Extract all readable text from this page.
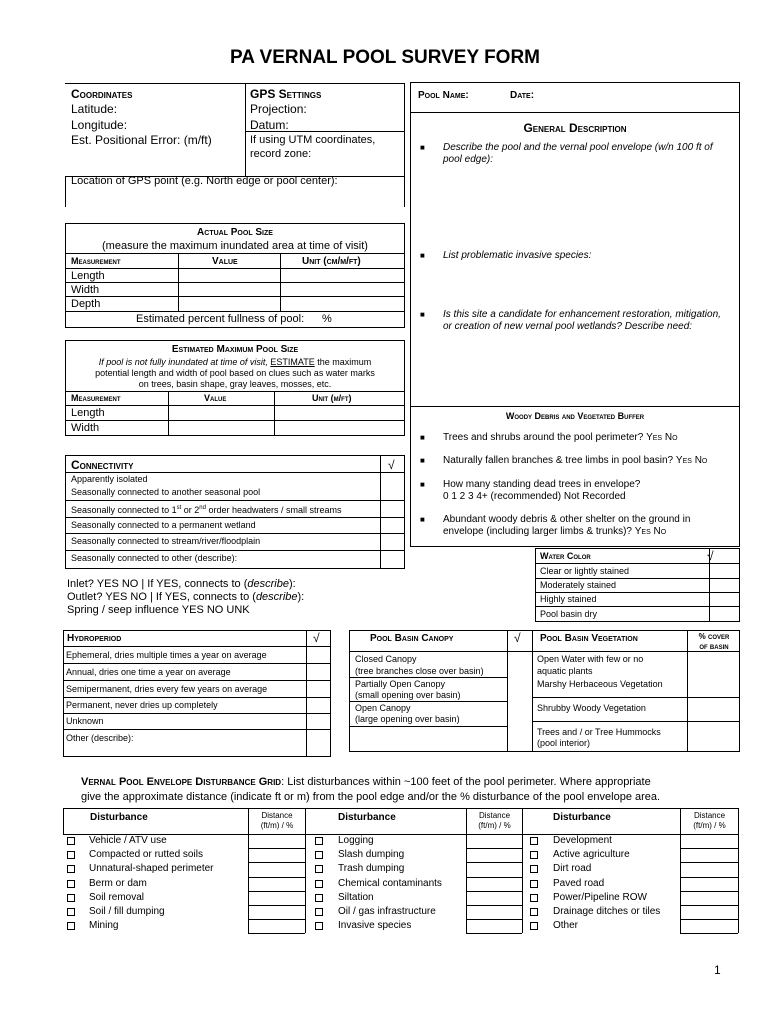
PA VERNAL POOL SURVEY FORM
Coordinates
Latitude:
Longitude:
Est. Positional Error: (m/ft)
GPS Settings
Projection:
Datum:
If using UTM coordinates,
record zone:
Location of GPS point (e.g. North edge or pool center):
Pool Name:	Date:
General Description
■ Describe the pool and the vernal pool envelope (w/n 100 ft of
pool edge):
■ List problematic invasive species:
■ Is this site a candidate for enhancement restoration, mitigation,
or creation of new vernal pool wetlands? Describe need:
Actual Pool Size
(measure the maximum inundated area at time of visit)
Measurement	Value	Unit (cm/m/ft)
Length
Width
Depth
Estimated percent fullness of pool: %
Estimated Maximum Pool Size
If pool is not fully inundated at time of visit, ESTIMATE the maximum
potential length and width of pool based on clues such as water marks
on trees, basin shape, gray leaves, mosses, etc.
Measurement	Value	Unit (m/ft)
Length
Width
Woody Debris and Vegetated Buffer
■ Trees and shrubs around the pool perimeter? Yes No
■ Naturally fallen branches & tree limbs in pool basin? Yes No
■ How many standing dead trees in envelope?
0 1 2 3 4+ (recommended) Not Recorded
■ Abundant woody debris & other shelter on the ground in
envelope (including larger limbs & trunks)? Yes No
Connectivity	√
Apparently isolated
Seasonally connected to another seasonal pool
Seasonally connected to 1st or 2nd order headwaters / small streams
Seasonally connected to a permanent wetland
Seasonally connected to stream/river/floodplain
Seasonally connected to other (describe):
Inlet? YES NO | If YES, connects to (describe):
Outlet? YES NO | If YES, connects to (describe):
Spring / seep influence YES NO UNK
Water Color	√
Clear or lightly stained
Moderately stained
Highly stained
Pool basin dry
Hydroperiod	√
Ephemeral, dries multiple times a year on average
Annual, dries one time a year on average
Semipermanent, dries every few years on average
Permanent, never dries up completely
Unknown
Other (describe):
Pool Basin Canopy	√ Pool Basin Vegetation	% cover
of basin
Closed Canopy
(tree branches close over basin)
Partially Open Canopy
(small opening over basin)
Open Canopy
(large opening over basin)
Open Water with few or no
aquatic plants
Marshy Herbaceous Vegetation
Shrubby Woody Vegetation
Trees and / or Tree Hummocks
(pool interior)
Vernal Pool Envelope Disturbance Grid: List disturbances within ~100 feet of the pool perimeter. Where appropriate
give the approximate distance (indicate ft or m) from the pool edge and/or the % disturbance of the pool envelope area.
Disturbance	Distance
(ft/m) / %
Disturbance	Distance
(ft/m) / %
Disturbance	Distance
(ft/m) / %
Vehicle / ATV use
Compacted or rutted soils
Unnatural-shaped perimeter
Berm or dam
Soil removal
Soil / fill dumping
Mining
Logging
Slash dumping
Trash dumping
Chemical contaminants
Siltation
Oil / gas infrastructure
Invasive species
Development
Active agriculture
Dirt road
Paved road
Power/Pipeline ROW
Drainage ditches or tiles
Other
1
